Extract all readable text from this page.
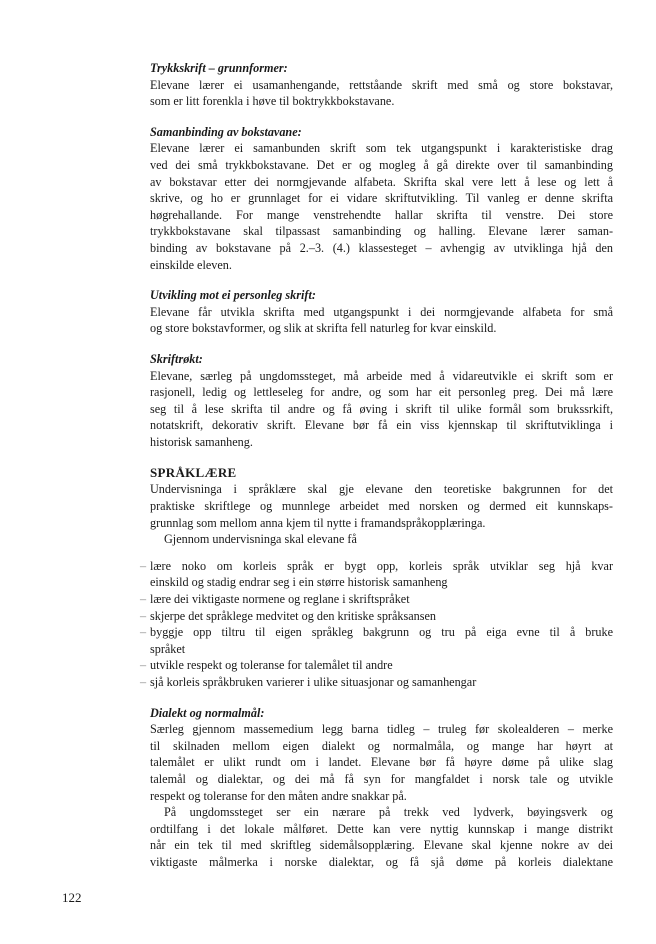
Trykkskrift – grunnformer:
Elevane lærer ei usamanhengande, rettståande skrift med små og store bokstavar,
som er litt forenkla i høve til boktrykkbokstavane.
Samanbinding av bokstavane:
Elevane lærer ei samanbunden skrift som tek utgangspunkt i karakteristiske drag
ved dei små trykkbokstavane. Det er og mogleg å gå direkte over til samanbinding
av bokstavar etter dei normgjevande alfabeta. Skrifta skal vere lett å lese og lett å
skrive, og ho er grunnlaget for ei vidare skriftutvikling. Til vanleg er denne skrifta
høgrehallande. For mange venstrehendte hallar skrifta til venstre. Dei store
trykkbokstavane skal tilpassast samanbinding og halling. Elevane lærer saman-
binding av bokstavane på 2.–3. (4.) klassesteget – avhengig av utviklinga hjå den
einskilde eleven.
Utvikling mot ei personleg skrift:
Elevane får utvikla skrifta med utgangspunkt i dei normgjevande alfabeta for små
og store bokstavformer, og slik at skrifta fell naturleg for kvar einskild.
Skriftrøkt:
Elevane, særleg på ungdomssteget, må arbeide med å vidareutvikle ei skrift som er
rasjonell, ledig og lettleseleg for andre, og som har eit personleg preg. Dei må lære
seg til å lese skrifta til andre og få øving i skrift til ulike formål som brukssrkift,
notatskrift, dekorativ skrift. Elevane bør få ein viss kjennskap til skriftutviklinga i
historisk samanheng.
SPRÅKLÆRE
Undervisninga i språklære skal gje elevane den teoretiske bakgrunnen for det
praktiske skriftlege og munnlege arbeidet med norsken og dermed eit kunnskaps-
grunnlag som mellom anna kjem til nytte i framandspråkopplæringa.
Gjennom undervisninga skal elevane få
– lære noko om korleis språk er bygt opp, korleis språk utviklar seg hjå kvar
einskild og stadig endrar seg i ein større historisk samanheng
– lære dei viktigaste normene og reglane i skriftspråket
– skjerpe det språklege medvitet og den kritiske språksansen
– byggje opp tiltru til eigen språkleg bakgrunn og tru på eiga evne til å bruke
språket
– utvikle respekt og toleranse for talemålet til andre
– sjå korleis språkbruken varierer i ulike situasjonar og samanhengar
Dialekt og normalmål:
Særleg gjennom massemedium legg barna tidleg – truleg før skolealderen – merke
til skilnaden mellom eigen dialekt og normalmåla, og mange har høyrt at
talemålet er ulikt rundt om i landet. Elevane bør få høyre døme på ulike slag
talemål og dialektar, og dei må få syn for mangfaldet i norsk tale og utvikle
respekt og toleranse for den måten andre snakkar på.
På ungdomssteget ser ein nærare på trekk ved lydverk, bøyingsverk og
ordtilfang i det lokale målføret. Dette kan vere nyttig kunnskap i mange distrikt
når ein tek til med skriftleg sidemålsopplæring. Elevane skal kjenne nokre av dei
viktigaste målmerka i norske dialektar, og få sjå døme på korleis dialektane
122
